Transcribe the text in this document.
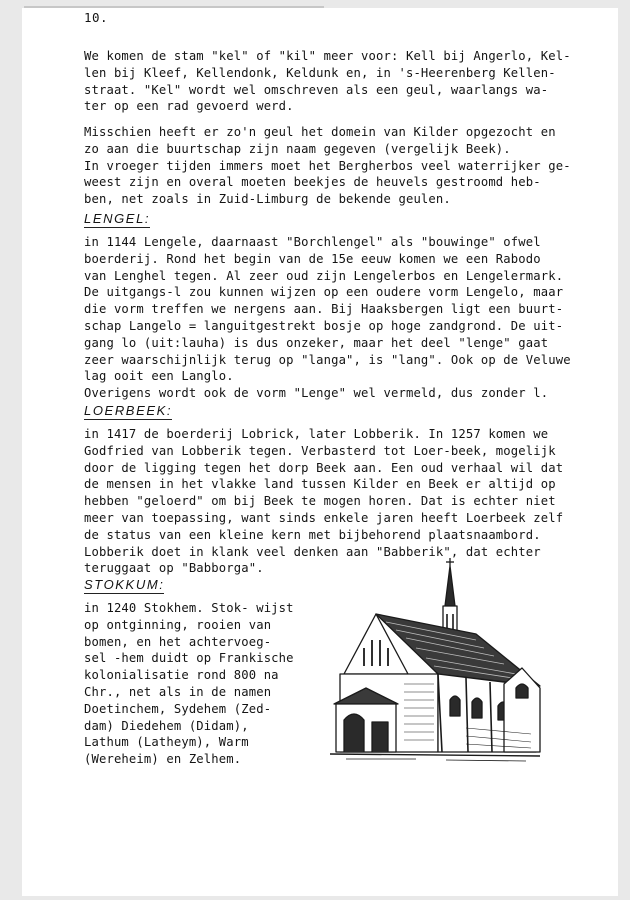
10.
We komen de stam "kel" of "kil" meer voor: Kell bij Angerlo, Kel-
len bij Kleef, Kellendonk, Keldunk en, in 's-Heerenberg Kellen-
straat. "Kel" wordt wel omschreven als een geul, waarlangs wa-
ter op een rad gevoerd werd.
Misschien heeft er zo'n geul het domein van Kilder opgezocht en
zo aan die buurtschap zijn naam gegeven (vergelijk Beek).
In vroeger tijden immers moet het Bergherbos veel waterrijker ge-
weest zijn en overal moeten beekjes de heuvels gestroomd heb-
ben, net zoals in Zuid-Limburg de bekende geulen.
LENGEL:
in 1144 Lengele, daarnaast "Borchlengel" als "bouwinge" ofwel
boerderij. Rond het begin van de 15e eeuw komen we een Rabodo
van Lenghel tegen. Al zeer oud zijn Lengelerbos en Lengelermark.
De uitgangs-l zou kunnen wijzen op een oudere vorm Lengelo, maar
die vorm treffen we nergens aan. Bij Haaksbergen ligt een buurt-
schap Langelo = languitgestrekt bosje op hoge zandgrond. De uit-
gang lo (uit:lauha) is dus onzeker, maar het deel "lenge" gaat
zeer waarschijnlijk terug op "langa", is "lang". Ook op de Veluwe
lag ooit een Langlo.
Overigens wordt ook de vorm "Lenge" wel vermeld, dus zonder l.
LOERBEEK:
in 1417 de boerderij Lobrick, later Lobberik. In 1257 komen we
Godfried van Lobberik tegen. Verbasterd tot Loer-beek, mogelijk
door de ligging tegen het dorp Beek aan. Een oud verhaal wil dat
de mensen in het vlakke land tussen Kilder en Beek er altijd op
hebben "geloerd" om bij Beek te mogen horen. Dat is echter niet
meer van toepassing, want sinds enkele jaren heeft Loerbeek zelf
de status van een kleine kern met bijbehorend plaatsnaambord.
Lobberik doet in klank veel denken aan "Babberik", dat echter
teruggaat op "Babborga".
STOKKUM:
in 1240 Stokhem. Stok- wijst
op ontginning, rooien van
bomen, en het achtervoeg-
sel -hem duidt op Frankische
kolonialisatie rond 800 na
Chr., net als in de namen
Doetinchem, Sydehem (Zed-
dam) Diedehem (Didam),
Lathum (Latheym), Warm
(Wereheim) en Zelhem.
